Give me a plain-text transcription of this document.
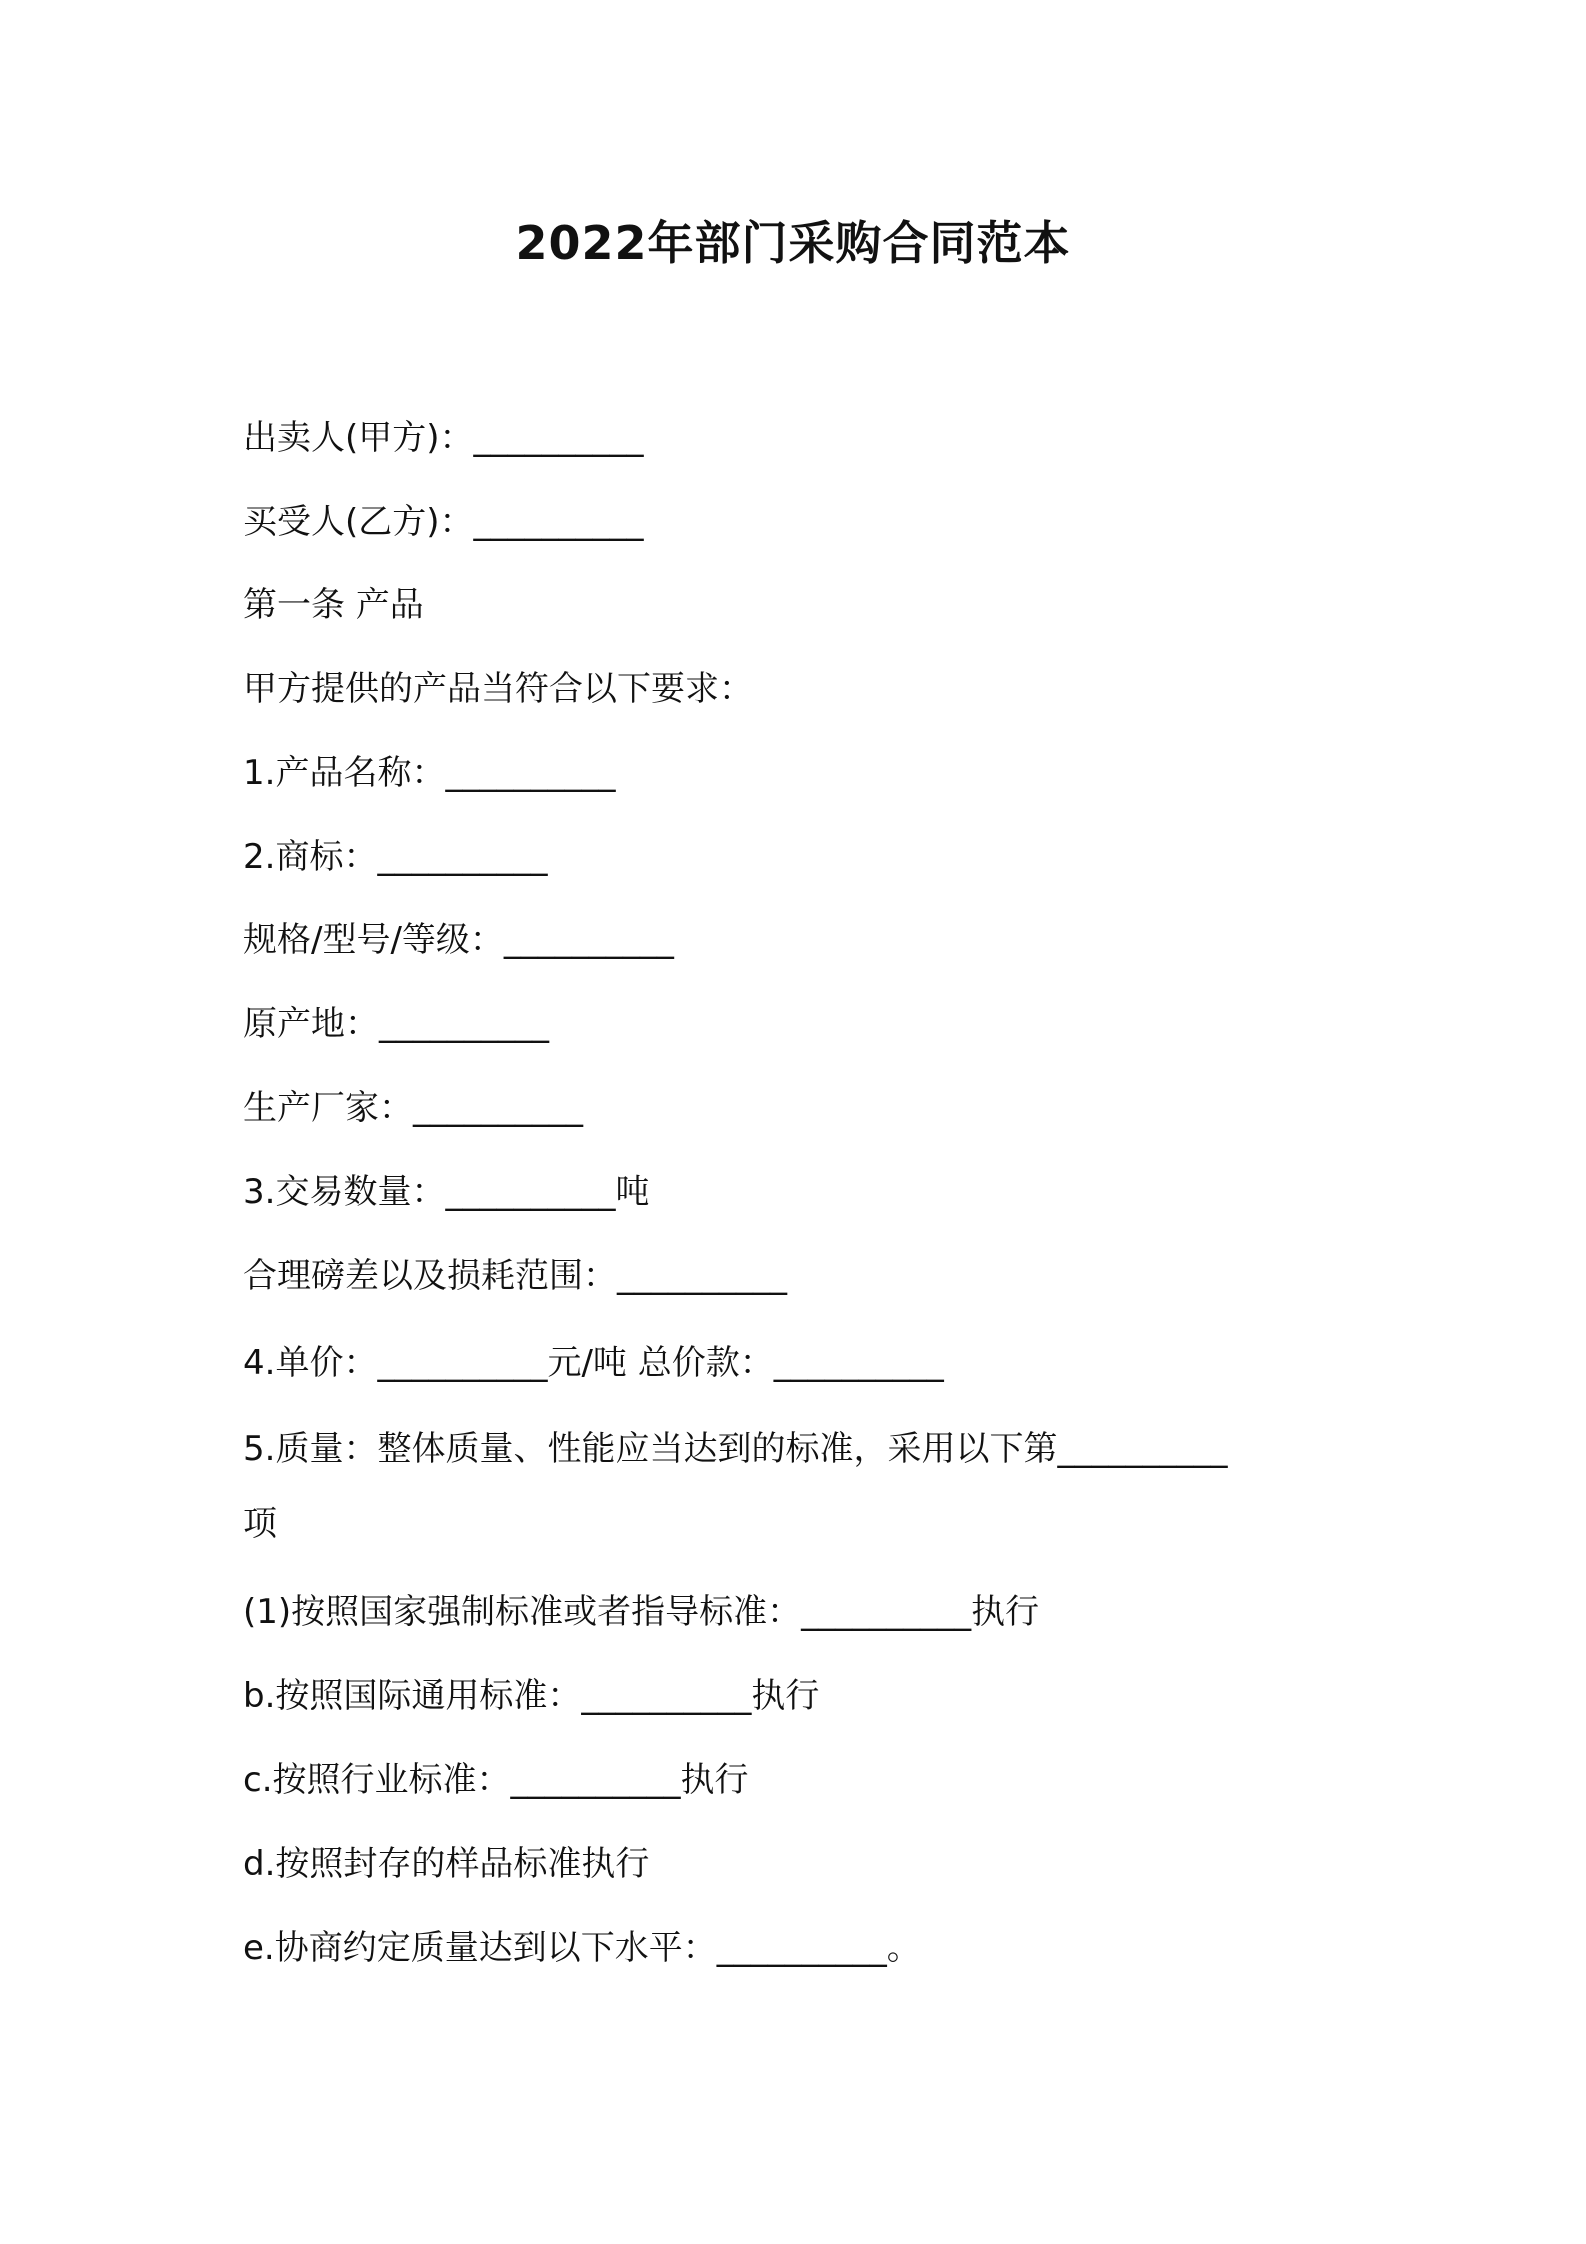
2022年部门采购合同范本

出卖人(甲方)：__________

买受人(乙方)：__________

第一条 产品

甲方提供的产品当符合以下要求：

1.产品名称：__________

2.商标：__________

规格/型号/等级：__________

原产地：__________

生产厂家：__________

3.交易数量：__________吨

合理磅差以及损耗范围：__________

4.单价：__________元/吨 总价款：__________

5.质量：整体质量、性能应当达到的标准，采用以下第__________

项

(1)按照国家强制标准或者指导标准：__________执行

b.按照国际通用标准：__________执行

c.按照行业标准：__________执行

d.按照封存的样品标准执行

e.协商约定质量达到以下水平：__________。
